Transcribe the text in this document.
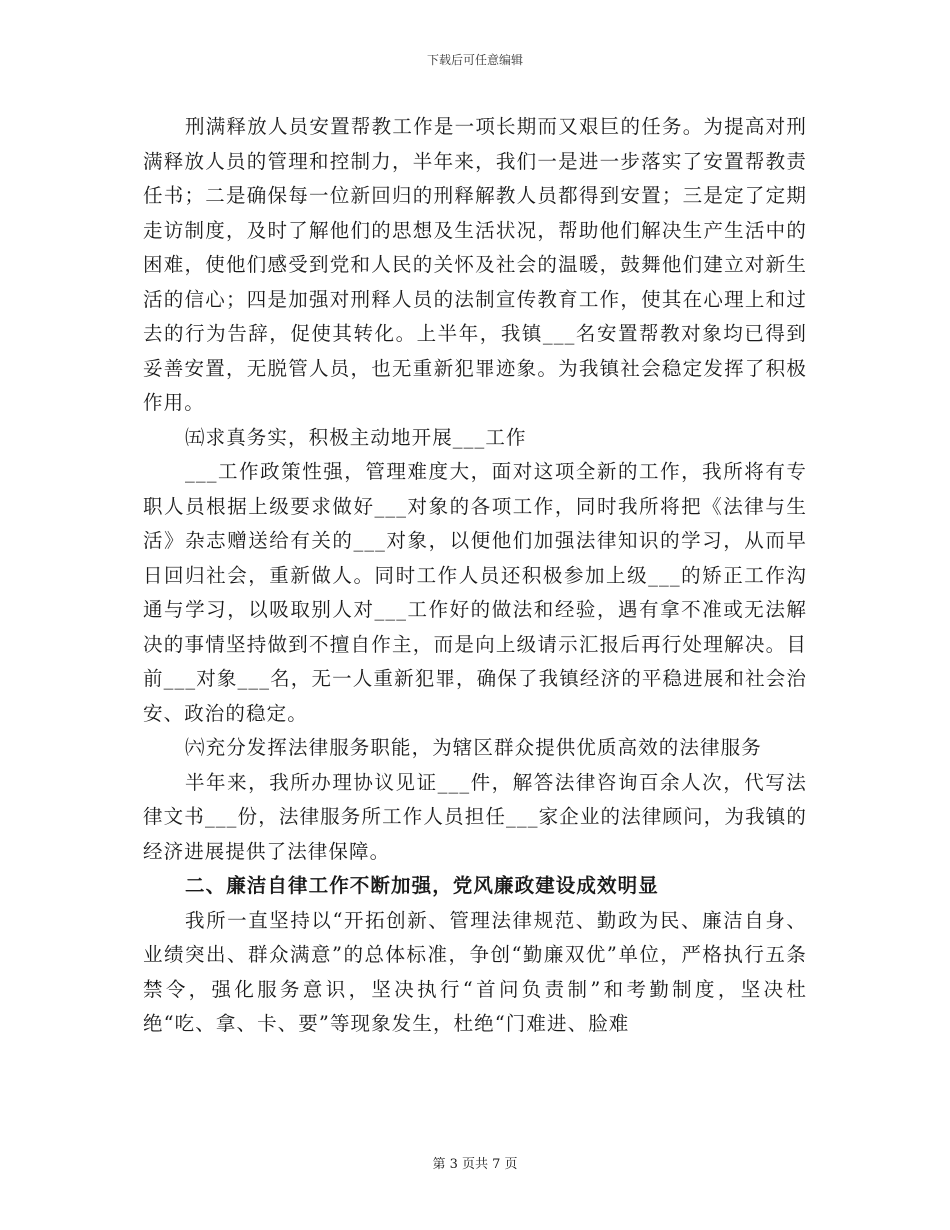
下载后可任意编辑

刑满释放人员安置帮教工作是一项长期而又艰巨的任务。为提高对刑满释放人员的管理和控制力，半年来，我们一是进一步落实了安置帮教责任书；二是确保每一位新回归的刑释解教人员都得到安置；三是定了定期走访制度，及时了解他们的思想及生活状况，帮助他们解决生产生活中的困难，使他们感受到党和人民的关怀及社会的温暖，鼓舞他们建立对新生活的信心；四是加强对刑释人员的法制宣传教育工作，使其在心理上和过去的行为告辞，促使其转化。上半年，我镇___名安置帮教对象均已得到妥善安置，无脱管人员，也无重新犯罪迹象。为我镇社会稳定发挥了积极作用。

㈤求真务实，积极主动地开展___工作

___工作政策性强，管理难度大，面对这项全新的工作，我所将有专职人员根据上级要求做好___对象的各项工作，同时我所将把《法律与生活》杂志赠送给有关的___对象，以便他们加强法律知识的学习，从而早日回归社会，重新做人。同时工作人员还积极参加上级___的矫正工作沟通与学习，以吸取别人对___工作好的做法和经验，遇有拿不准或无法解决的事情坚持做到不擅自作主，而是向上级请示汇报后再行处理解决。目前___对象___名，无一人重新犯罪，确保了我镇经济的平稳进展和社会治安、政治的稳定。

㈥充分发挥法律服务职能，为辖区群众提供优质高效的法律服务

半年来，我所办理协议见证___件，解答法律咨询百余人次，代写法律文书___份，法律服务所工作人员担任___家企业的法律顾问，为我镇的经济进展提供了法律保障。

二、廉洁自律工作不断加强，党风廉政建设成效明显

我所一直坚持以“开拓创新、管理法律规范、勤政为民、廉洁自身、业绩突出、群众满意”的总体标准，争创“勤廉双优”单位，严格执行五条禁令，强化服务意识，坚决执行“首问负责制”和考勤制度，坚决杜绝“吃、拿、卡、要”等现象发生，杜绝“门难进、脸难

第 3 页共 7 页
